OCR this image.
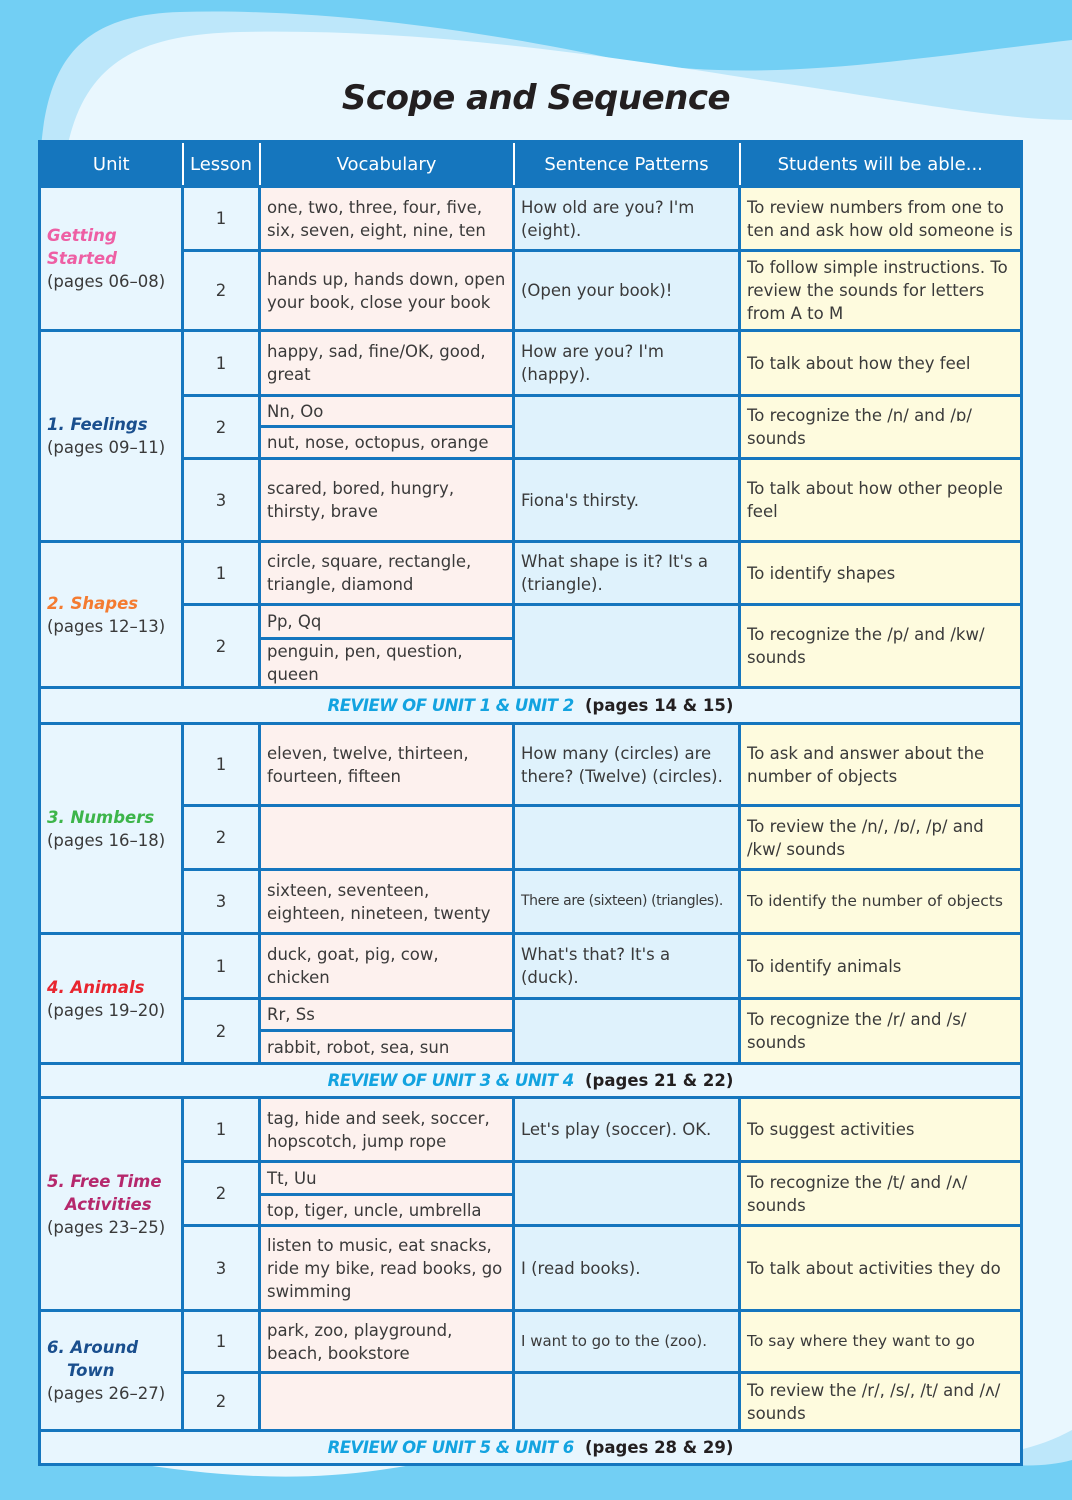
Scope and Sequence
Unit	Lesson	Vocabulary	Sentence Patterns	Students will be able...

Getting
Started
(pages 06–08)	1	one, two, three, four, five, six, seven, eight, nine, ten	How old are you? I'm (eight).	To review numbers from one to ten and ask how old someone is
	2	hands up, hands down, open your book, close your book	(Open your book)!	To follow simple instructions. To review the sounds for letters from A to M

1. Feelings
(pages 09–11)	1	happy, sad, fine/OK, good, great	How are you? I'm (happy).	To talk about how they feel
	2	Nn, Oo		To recognize the /n/ and /ɒ/ sounds
		nut, nose, octopus, orange		
	3	scared, bored, hungry, thirsty, brave	Fiona's thirsty.	To talk about how other people feel

2. Shapes
(pages 12–13)	1	circle, square, rectangle, triangle, diamond	What shape is it? It's a (triangle).	To identify shapes
	2	Pp, Qq		To recognize the /p/ and /kw/ sounds
		penguin, pen, question, queen		
REVIEW OF UNIT 1 & UNIT 2 (pages 14 & 15)				

3. Numbers
(pages 16–18)	1	eleven, twelve, thirteen, fourteen, fifteen	How many (circles) are there? (Twelve) (circles).	To ask and answer about the number of objects
	2			To review the /n/, /ɒ/, /p/ and /kw/ sounds
	3	sixteen, seventeen, eighteen, nineteen, twenty	There are (sixteen) (triangles).	To identify the number of objects

4. Animals
(pages 19–20)	1	duck, goat, pig, cow, chicken	What's that? It's a (duck).	To identify animals
	2	Rr, Ss		To recognize the /r/ and /s/ sounds
		rabbit, robot, sea, sun		
REVIEW OF UNIT 3 & UNIT 4 (pages 21 & 22)				

5. Free Time
Activities
(pages 23–25)	1	tag, hide and seek, soccer, hopscotch, jump rope	Let's play (soccer). OK.	To suggest activities
	2	Tt, Uu		To recognize the /t/ and /ʌ/ sounds
		top, tiger, uncle, umbrella		
	3	listen to music, eat snacks, ride my bike, read books, go swimming	I (read books).	To talk about activities they do

6. Around
Town
(pages 26–27)	1	park, zoo, playground, beach, bookstore	I want to go to the (zoo).	To say where they want to go
	2			To review the /r/, /s/, /t/ and /ʌ/ sounds
REVIEW OF UNIT 5 & UNIT 6 (pages 28 & 29)				
